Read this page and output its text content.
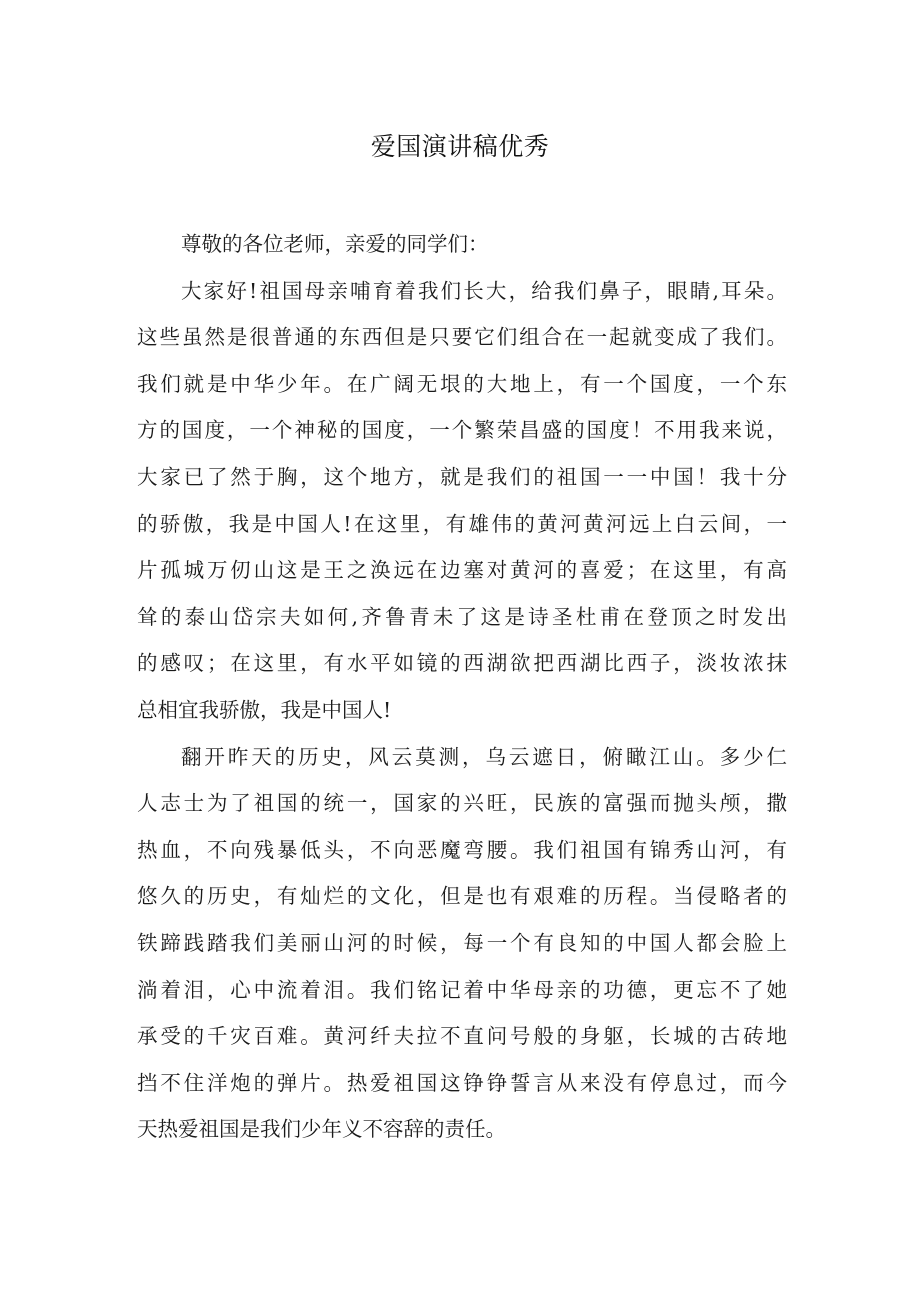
爱国演讲稿优秀
尊敬的各位老师，亲爱的同学们：
大家好!祖国母亲哺育着我们长大，给我们鼻子，眼睛,耳朵。
这些虽然是很普通的东西但是只要它们组合在一起就变成了我们。
我们就是中华少年。在广阔无垠的大地上，有一个国度，一个东
方的国度，一个神秘的国度，一个繁荣昌盛的国度！不用我来说，
大家已了然于胸，这个地方，就是我们的祖国一一中国！我十分
的骄傲，我是中国人!在这里，有雄伟的黄河黄河远上白云间，一
片孤城万仞山这是王之涣远在边塞对黄河的喜爱；在这里，有高
耸的泰山岱宗夫如何,齐鲁青未了这是诗圣杜甫在登顶之时发出
的感叹；在这里，有水平如镜的西湖欲把西湖比西子，淡妆浓抹
总相宜我骄傲，我是中国人!
翻开昨天的历史，风云莫测，乌云遮日，俯瞰江山。多少仁
人志士为了祖国的统一，国家的兴旺，民族的富强而抛头颅，撒
热血，不向残暴低头，不向恶魔弯腰。我们祖国有锦秀山河，有
悠久的历史，有灿烂的文化，但是也有艰难的历程。当侵略者的
铁蹄践踏我们美丽山河的时候，每一个有良知的中国人都会脸上
淌着泪，心中流着泪。我们铭记着中华母亲的功德，更忘不了她
承受的千灾百难。黄河纤夫拉不直问号般的身躯，长城的古砖地
挡不住洋炮的弹片。热爱祖国这铮铮誓言从来没有停息过，而今
天热爱祖国是我们少年义不容辞的责任。
